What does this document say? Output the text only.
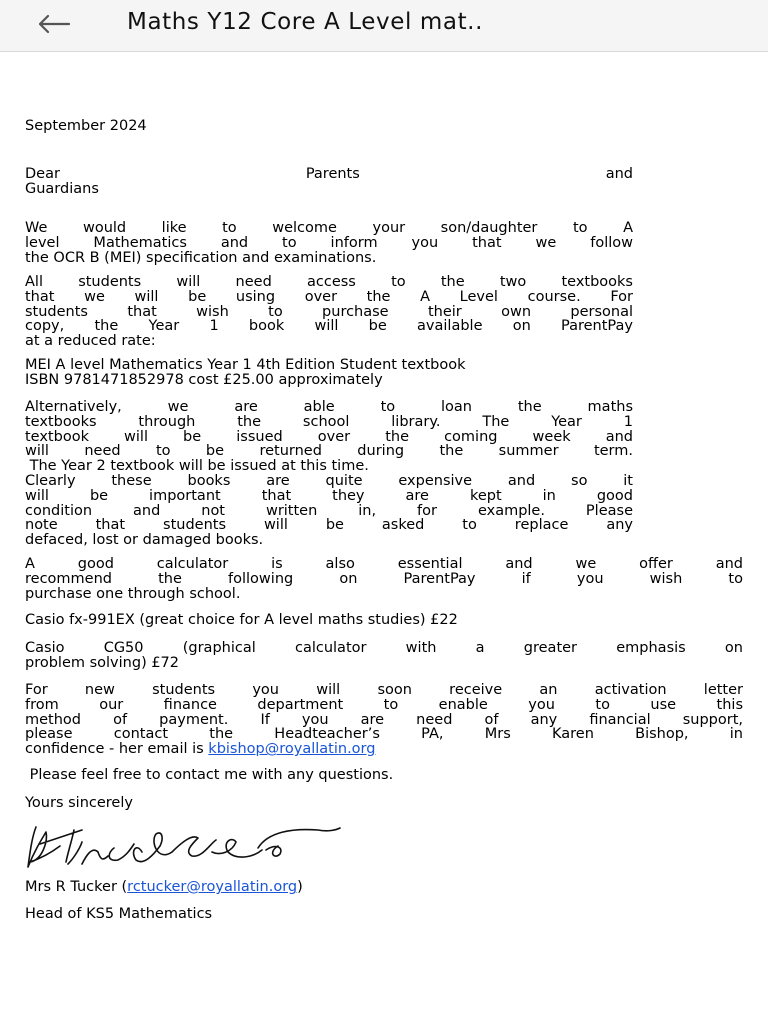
Maths Y12 Core A Level mat..

September 2024

Dear	Parents	and
Guardians
We would like to welcome your son/daughter to A
level Mathematics and to inform you that we follow
the OCR B (MEI) specification and examinations.
All students will need access to the two textbooks
that we will be using over the A Level course. For
students that wish to purchase their own personal
copy, the Year 1 book will be available on ParentPay
at a reduced rate:
MEI A level Mathematics Year 1 4th Edition Student textbook
ISBN 9781471852978 cost £25.00 approximately
Alternatively, we are able to loan the maths
textbooks through the school library. The Year 1
textbook will be issued over the coming week and
will need to be returned during the summer term.
The Year 2 textbook will be issued at this time.
Clearly these books are quite expensive and so it
will be important that they are kept in good
condition and not written in, for example. Please
note that students will be asked to replace any
defaced, lost or damaged books.
A good calculator is also essential and we offer and
recommend the following on ParentPay if you wish to
purchase one through school.

Casio fx-991EX (great choice for A level maths studies) £22

Casio CG50 (graphical calculator with a greater emphasis on
problem solving) £72
For new students you will soon receive an activation letter
from our finance department to enable you to use this
method of payment. If you are need of any financial support,
please contact the Headteacher’s PA, Mrs Karen Bishop, in
confidence - her email is kbishop@royallatin.org

Please feel free to contact me with any questions.

Yours sincerely

Mrs R Tucker (rctucker@royallatin.org)

Head of KS5 Mathematics
